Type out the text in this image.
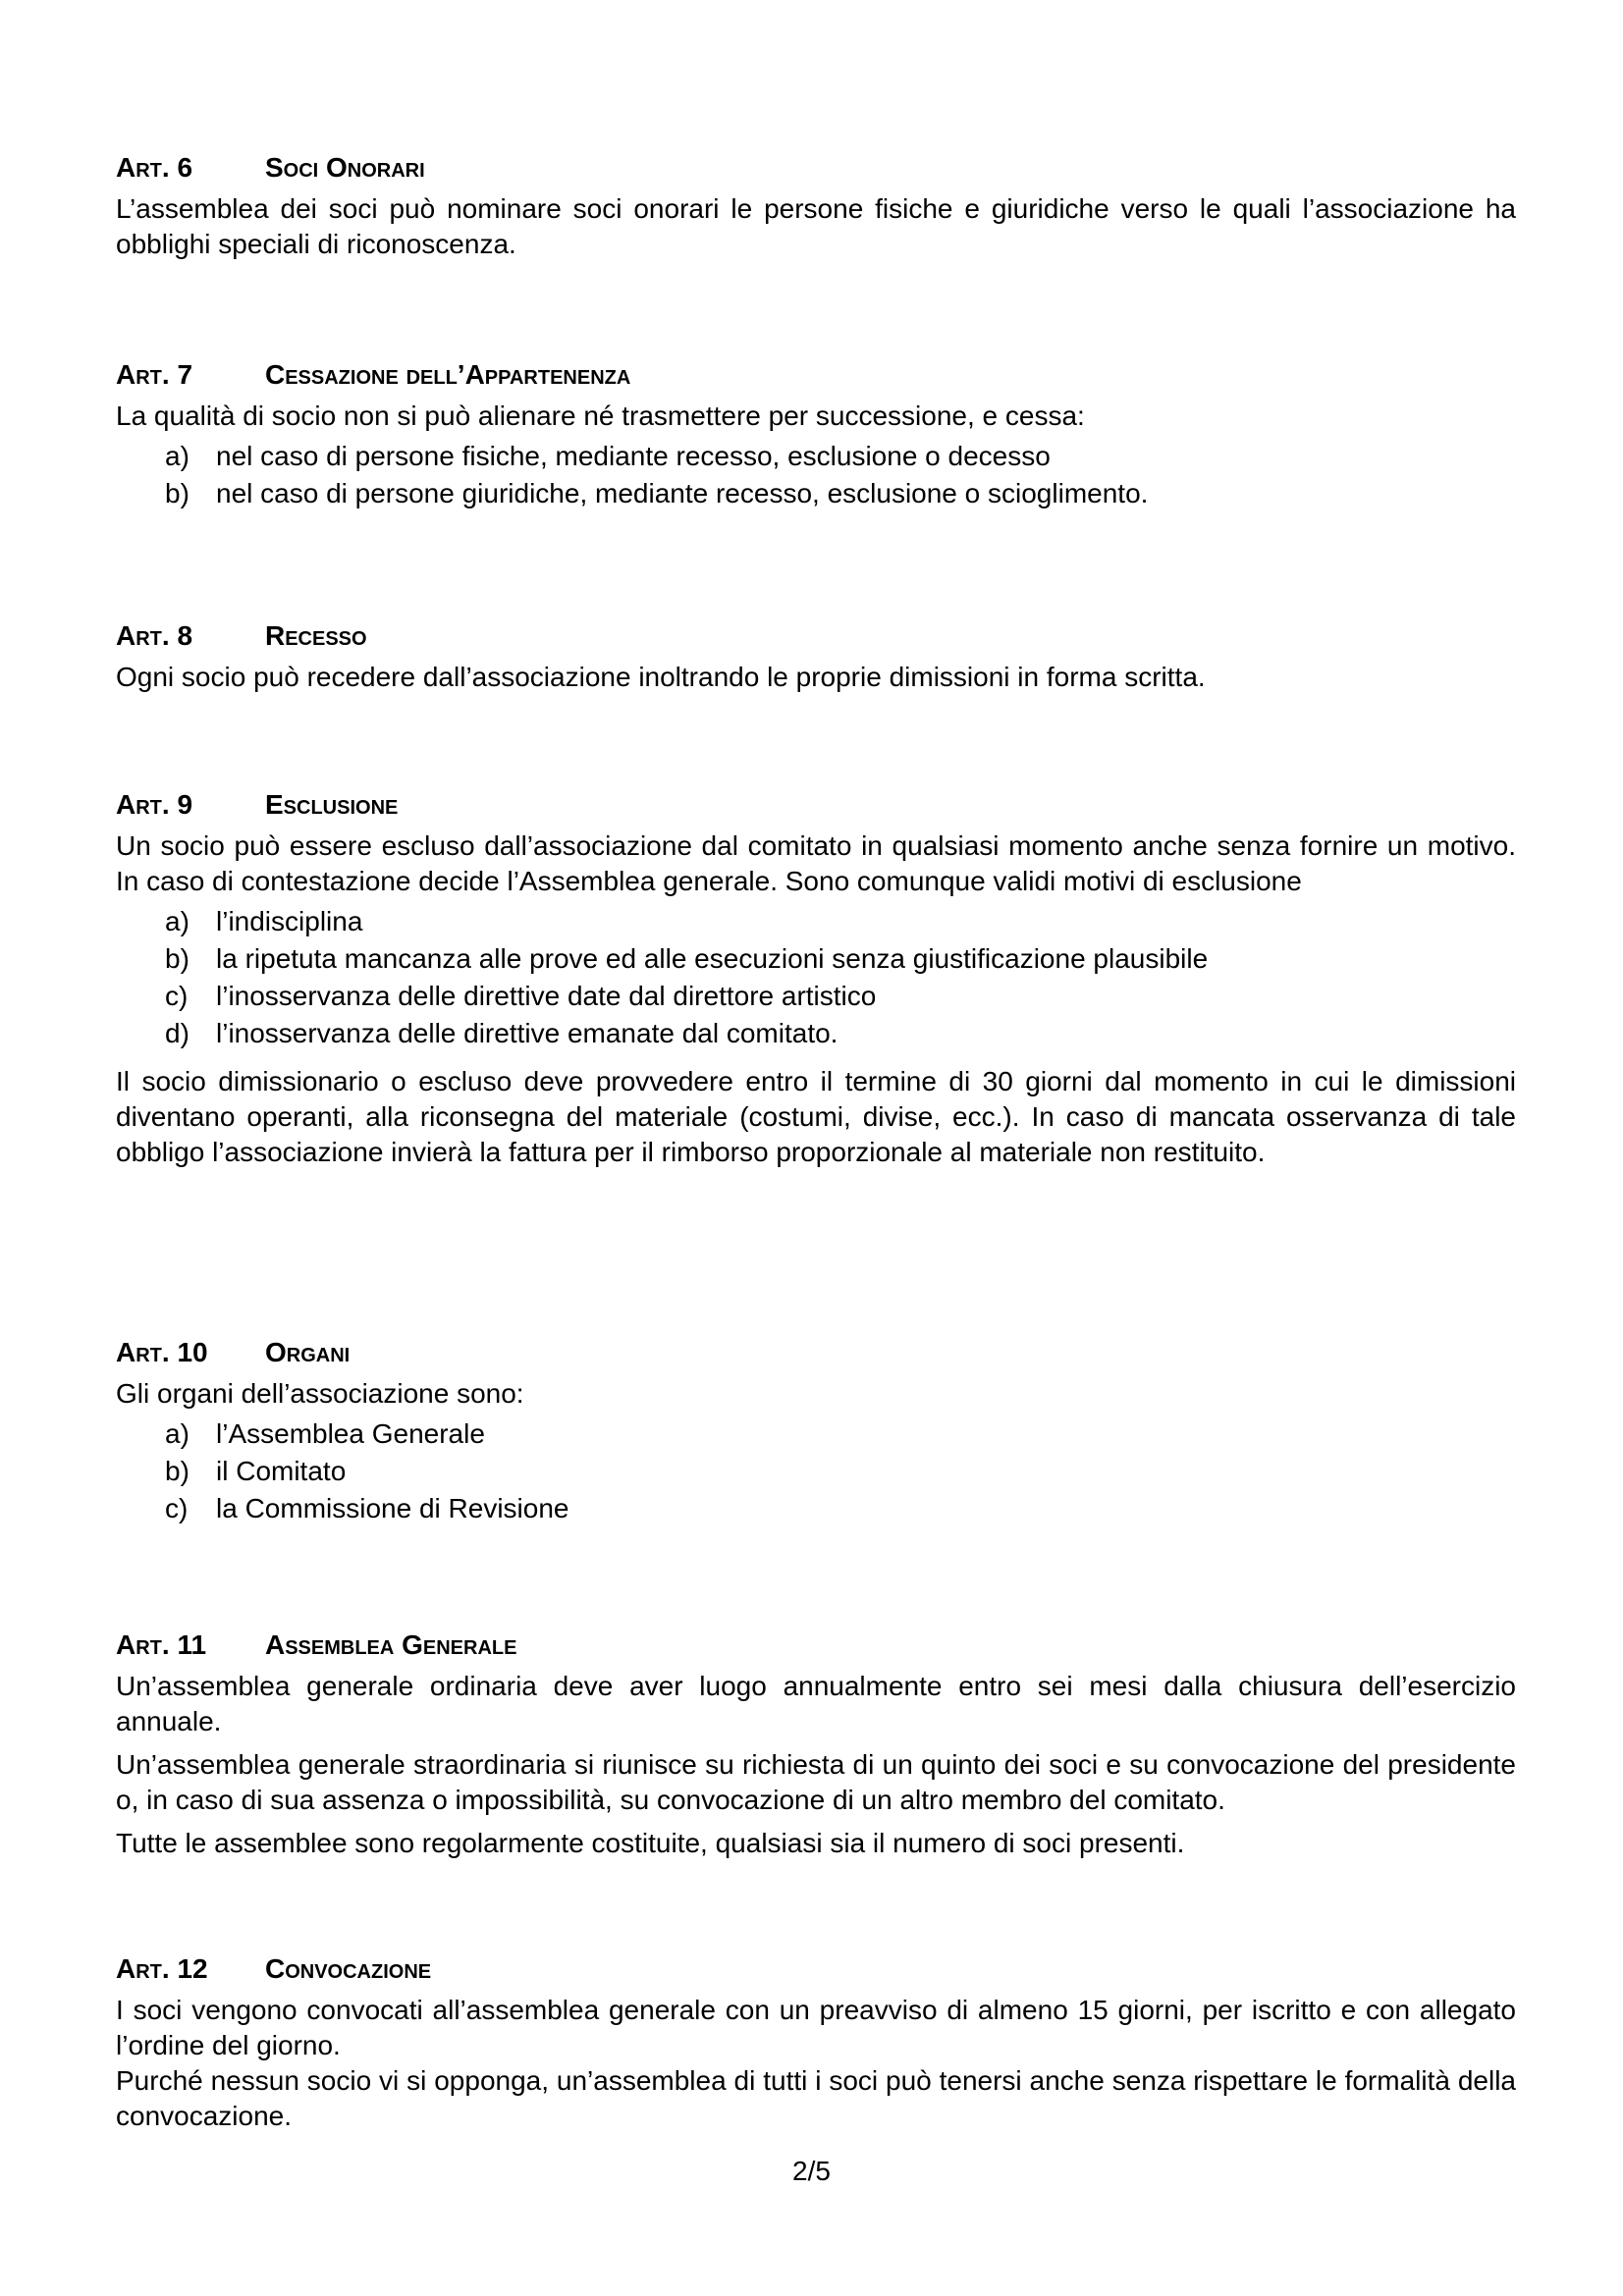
Art. 6	Soci Onorari

L’assemblea dei soci può nominare soci onorari le persone fisiche e giuridiche verso le quali l’associazione ha obblighi speciali di riconoscenza.

Art. 7	Cessazione dell’Appartenenza

La qualità di socio non si può alienare né trasmettere per successione, e cessa:

a) nel caso di persone fisiche, mediante recesso, esclusione o decesso
b) nel caso di persone giuridiche, mediante recesso, esclusione o scioglimento.
Art. 8	Recesso

Ogni socio può recedere dall’associazione inoltrando le proprie dimissioni in forma scritta.

Art. 9	Esclusione

Un socio può essere escluso dall’associazione dal comitato in qualsiasi momento anche senza fornire un motivo. In caso di contestazione decide l’Assemblea generale. Sono comunque validi motivi di esclusione

a) l’indisciplina
b) la ripetuta mancanza alle prove ed alle esecuzioni senza giustificazione plausibile
c)	l’inosservanza delle direttive date dal direttore artistico
d) l’inosservanza delle direttive emanate dal comitato.

Il socio dimissionario o escluso deve provvedere entro il termine di 30 giorni dal momento in cui le dimissioni diventano operanti, alla riconsegna del materiale (costumi, divise, ecc.). In caso di mancata osservanza di tale obbligo l’associazione invierà la fattura per il rimborso proporzionale al materiale non restituito.

Art. 10	Organi

Gli organi dell’associazione sono:

a) l’Assemblea Generale
b) il Comitato
c)	la Commissione di Revisione
Art. 11	Assemblea Generale

Un’assemblea generale ordinaria deve aver luogo annualmente entro sei mesi dalla chiusura dell’esercizio annuale.

Un’assemblea generale straordinaria si riunisce su richiesta di un quinto dei soci e su convocazione del presidente o, in caso di sua assenza o impossibilità, su convocazione di un altro membro del comitato.

Tutte le assemblee sono regolarmente costituite, qualsiasi sia il numero di soci presenti.

Art. 12	Convocazione

I soci vengono convocati all’assemblea generale con un preavviso di almeno 15 giorni, per iscritto e con allegato l’ordine del giorno.

Purché nessun socio vi si opponga, un’assemblea di tutti i soci può tenersi anche senza rispettare le formalità della convocazione.

2/5
